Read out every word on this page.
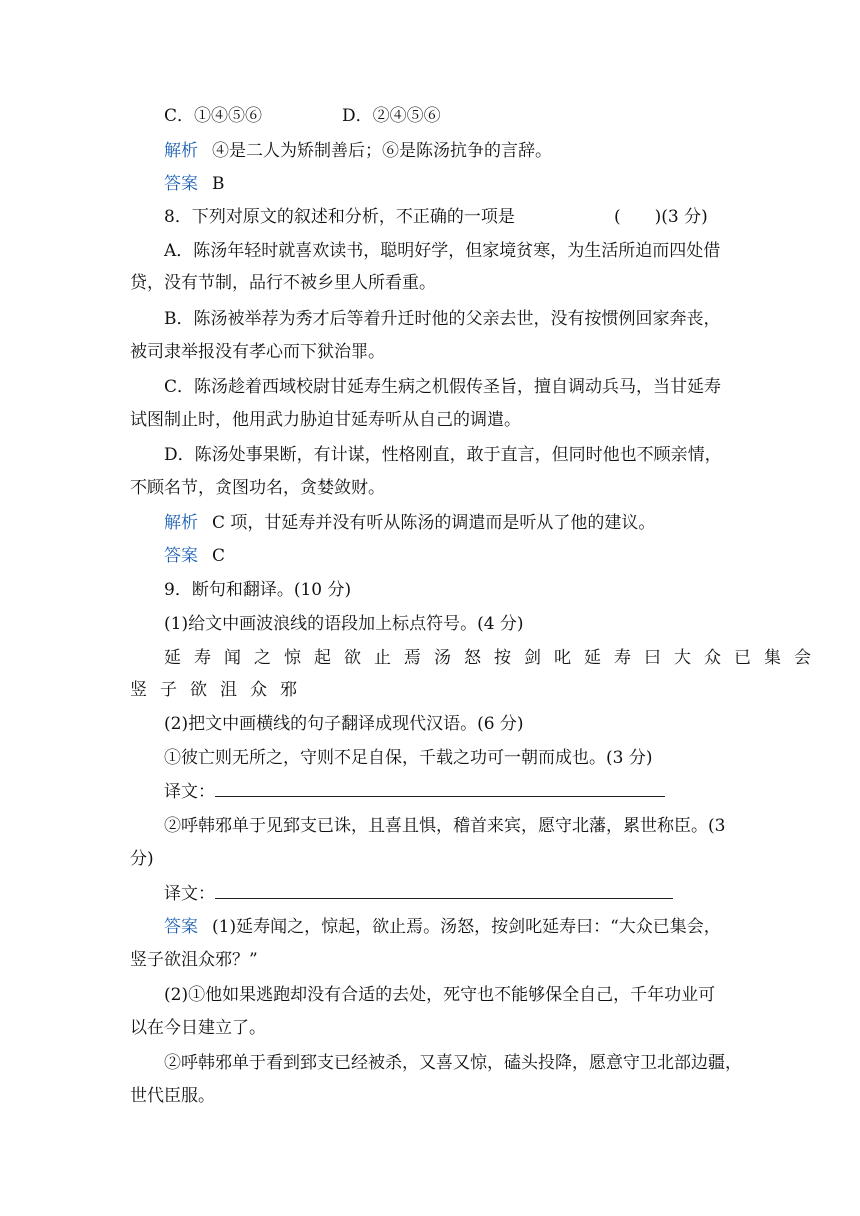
C．①④⑤⑥	D．②④⑤⑥
解析 ④是二人为矫制善后；⑥是陈汤抗争的言辞。
答案 B
8．下列对原文的叙述和分析，不正确的一项是	(　　)(3 分)
A．陈汤年轻时就喜欢读书，聪明好学，但家境贫寒，为生活所迫而四处借
贷，没有节制，品行不被乡里人所看重。
B．陈汤被举荐为秀才后等着升迁时他的父亲去世，没有按惯例回家奔丧，
被司隶举报没有孝心而下狱治罪。
C．陈汤趁着西域校尉甘延寿生病之机假传圣旨，擅自调动兵马，当甘延寿
试图制止时，他用武力胁迫甘延寿听从自己的调遣。
D．陈汤处事果断，有计谋，性格刚直，敢于直言，但同时他也不顾亲情，
不顾名节，贪图功名，贪婪敛财。
解析 C 项，甘延寿并没有听从陈汤的调遣而是听从了他的建议。
答案 C
9．断句和翻译。(10 分)
(1)给文中画波浪线的语段加上标点符号。(4 分)
延寿闻之惊起欲止焉汤怒按剑叱延寿曰大众已集会
竖子欲沮众邪
(2)把文中画横线的句子翻译成现代汉语。(6 分)
①彼亡则无所之，守则不足自保，千载之功可一朝而成也。(3 分)
译文：
②呼韩邪单于见郅支已诛，且喜且惧，稽首来宾，愿守北藩，累世称臣。(3
分)
译文：
答案 (1)延寿闻之，惊起，欲止焉。汤怒，按剑叱延寿曰：“大众已集会，
竖子欲沮众邪？”
(2)①他如果逃跑却没有合适的去处，死守也不能够保全自己，千年功业可
以在今日建立了。
②呼韩邪单于看到郅支已经被杀，又喜又惊，磕头投降，愿意守卫北部边疆，
世代臣服。
